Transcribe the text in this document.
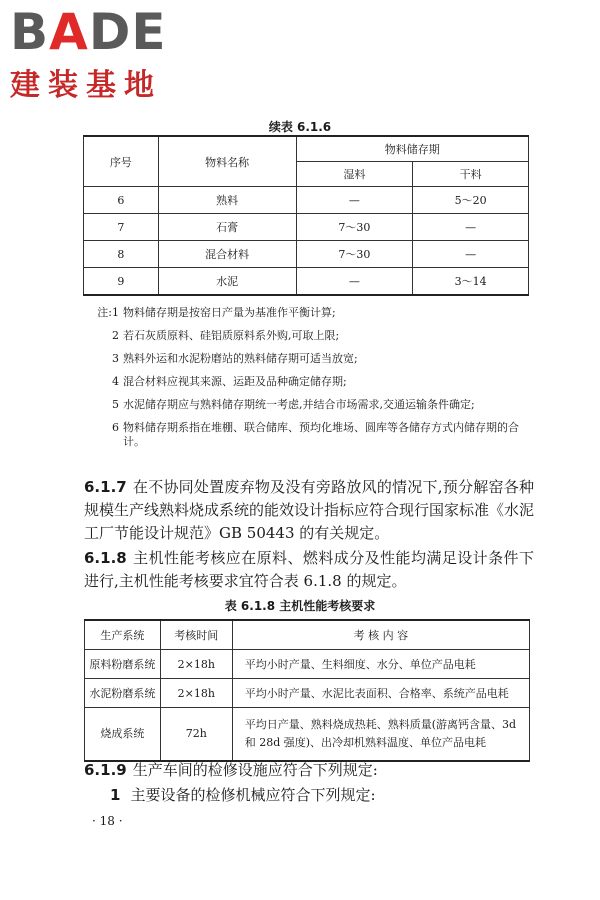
BADE
建装基地
续表 6.1.6
序号	物料名称	物料储存期	
		湿料	干料
6	熟料	—	5～20
7	石膏	7～30	—
8	混合材料	7～30	—
9	水泥	—	3～14
注:1 物料储存期是按窑日产量为基准作平衡计算;
2 若石灰质原料、硅铝质原料系外购,可取上限;
3 熟料外运和水泥粉磨站的熟料储存期可适当放宽;
4 混合材料应视其来源、运距及品种确定储存期;
5 水泥储存期应与熟料储存期统一考虑,并结合市场需求,交通运输条件确定;
6 物料储存期系指在堆棚、联合储库、预均化堆场、圆库等各储存方式内储存期的合计。
6.1.7 在不协同处置废弃物及没有旁路放风的情况下,预分解窑各种规模生产线熟料烧成系统的能效设计指标应符合现行国家标准《水泥工厂节能设计规范》GB 50443 的有关规定。
6.1.8 主机性能考核应在原料、燃料成分及性能均满足设计条件下进行,主机性能考核要求宜符合表 6.1.8 的规定。
表 6.1.8 主机性能考核要求
生产系统	考核时间	考 核 内 容
原料粉磨系统	2×18h	平均小时产量、生料细度、水分、单位产品电耗
水泥粉磨系统	2×18h	平均小时产量、水泥比表面积、合格率、系统产品电耗
烧成系统	72h	平均日产量、熟料烧成热耗、熟料质量(游离钙含量、3d 和 28d 强度)、出冷却机熟料温度、单位产品电耗
6.1.9 生产车间的检修设施应符合下列规定:
1 主要设备的检修机械应符合下列规定:
· 18 ·
